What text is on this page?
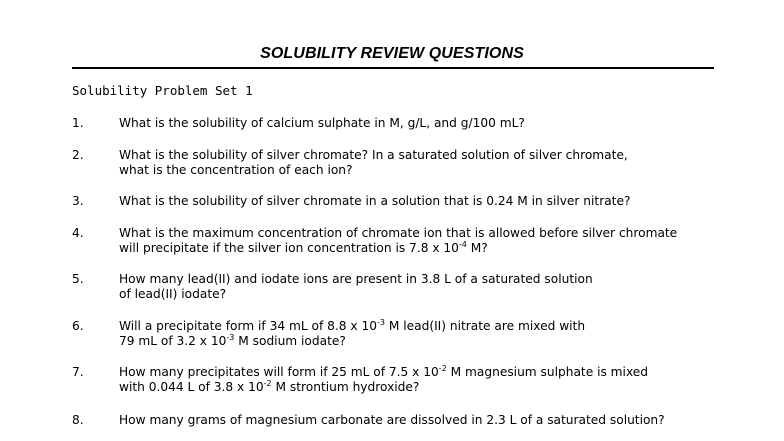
SOLUBILITY REVIEW QUESTIONS
Solubility Problem Set 1
1.	What is the solubility of calcium sulphate in M, g/L, and g/100 mL?
2.	What is the solubility of silver chromate? In a saturated solution of silver chromate,
what is the concentration of each ion?
3.	What is the solubility of silver chromate in a solution that is 0.24 M in silver nitrate?
4.	What is the maximum concentration of chromate ion that is allowed before silver chromate
will precipitate if the silver ion concentration is 7.8 x $10^{-4}$ M?
5.	How many lead(II) and iodate ions are present in 3.8 L of a saturated solution
of lead(II) iodate?
6.	Will a precipitate form if 34 mL of 8.8 x $10^{-3}$ M lead(II) nitrate are mixed with
79 mL of 3.2 x $10^{-3}$ M sodium iodate?
7.	How many precipitates will form if 25 mL of 7.5 x $10^{-2}$ M magnesium sulphate is mixed
with 0.044 L of 3.8 x $10^{-2}$ M strontium hydroxide?
8.	How many grams of magnesium carbonate are dissolved in 2.3 L of a saturated solution?
